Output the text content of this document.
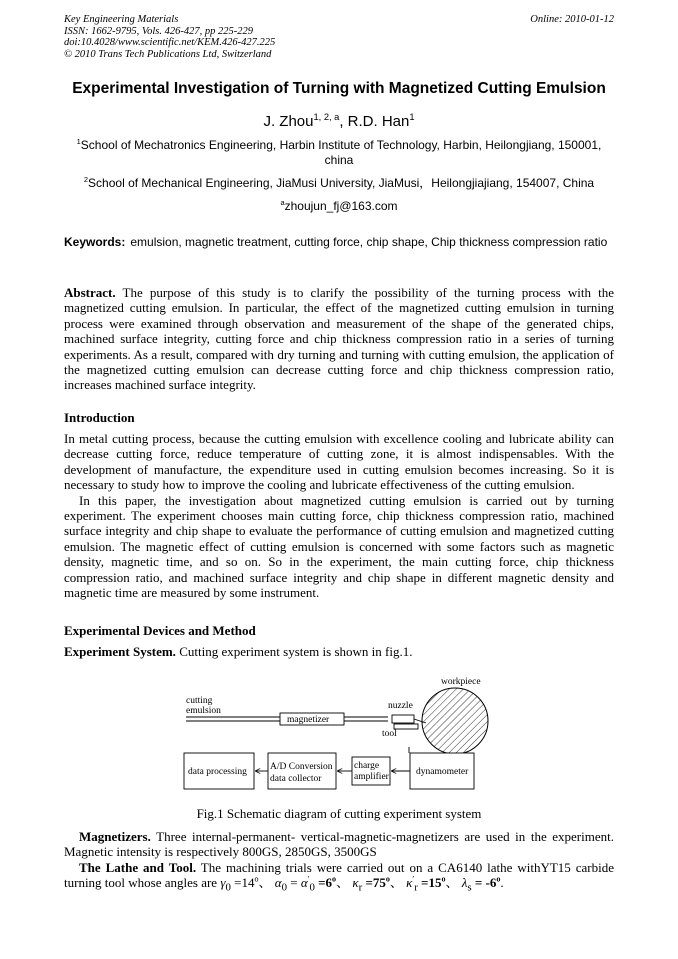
Key Engineering Materials
ISSN: 1662-9795, Vols. 426-427, pp 225-229
doi:10.4028/www.scientific.net/KEM.426-427.225
© 2010 Trans Tech Publications Ltd, Switzerland
Online: 2010-01-12
Experimental Investigation of Turning with Magnetized Cutting Emulsion
J. Zhou$^{1, 2, a}$, R.D. Han$^1$
$^1$School of Mechatronics Engineering, Harbin Institute of Technology, Harbin, Heilongjiang, 150001, china
$^2$School of Mechanical Engineering, JiaMusi University, JiaMusi，Heilongjiajiang, 154007, China
$^a$zhoujun_fj@163.com
Keywords: emulsion, magnetic treatment, cutting force, chip shape, Chip thickness compression ratio

Abstract. The purpose of this study is to clarify the possibility of the turning process with the magnetized cutting emulsion. In particular, the effect of the magnetized cutting emulsion in turning process were examined through observation and measurement of the shape of the generated chips, machined surface integrity, cutting force and chip thickness compression ratio in a series of turning experiments. As a result, compared with dry turning and turning with cutting emulsion, the application of the magnetized cutting emulsion can decrease cutting force and chip thickness compression ratio, increases machined surface integrity.

Introduction

In metal cutting process, because the cutting emulsion with excellence cooling and lubricate ability can decrease cutting force, reduce temperature of cutting zone, it is almost indispensables. With the development of manufacture, the expenditure used in cutting emulsion becomes increasing. So it is necessary to study how to improve the cooling and lubricate effectiveness of the cutting emulsion.

In this paper, the investigation about magnetized cutting emulsion is carried out by turning experiment. The experiment chooses main cutting force, chip thickness compression ratio, machined surface integrity and chip shape to evaluate the performance of cutting emulsion and magnetized cutting emulsion. The magnetic effect of cutting emulsion is concerned with some factors such as magnetic density, magnetic time, and so on. So in the experiment, the main cutting force, chip thickness compression ratio, and machined surface integrity and chip shape in different magnetic density and magnetic time are measured by some instrument.

Experimental Devices and Method

Experiment System. Cutting experiment system is shown in fig.1.

workpiece
cutting
emulsion
magnetizer
nuzzle
tool
dynamometer
charge
amplifier
A/D Conversion
data collector
data processing
Fig.1 Schematic diagram of cutting experiment system

Magnetizers. Three internal-permanent- vertical-magnetic-magnetizers are used in the experiment. Magnetic intensity is respectively 800GS, 2850GS, 3500GS

The Lathe and Tool. The machining trials were carried out on a CA6140 lathe withYT15 carbide turning tool whose angles are $\gamma_0 =14^o$、 $\alpha_0 = \alpha'_0 =6^o$、 $\kappa_r =75^o$、 $\kappa'_r =15^o$、 $\lambda_s = -6^o$.
